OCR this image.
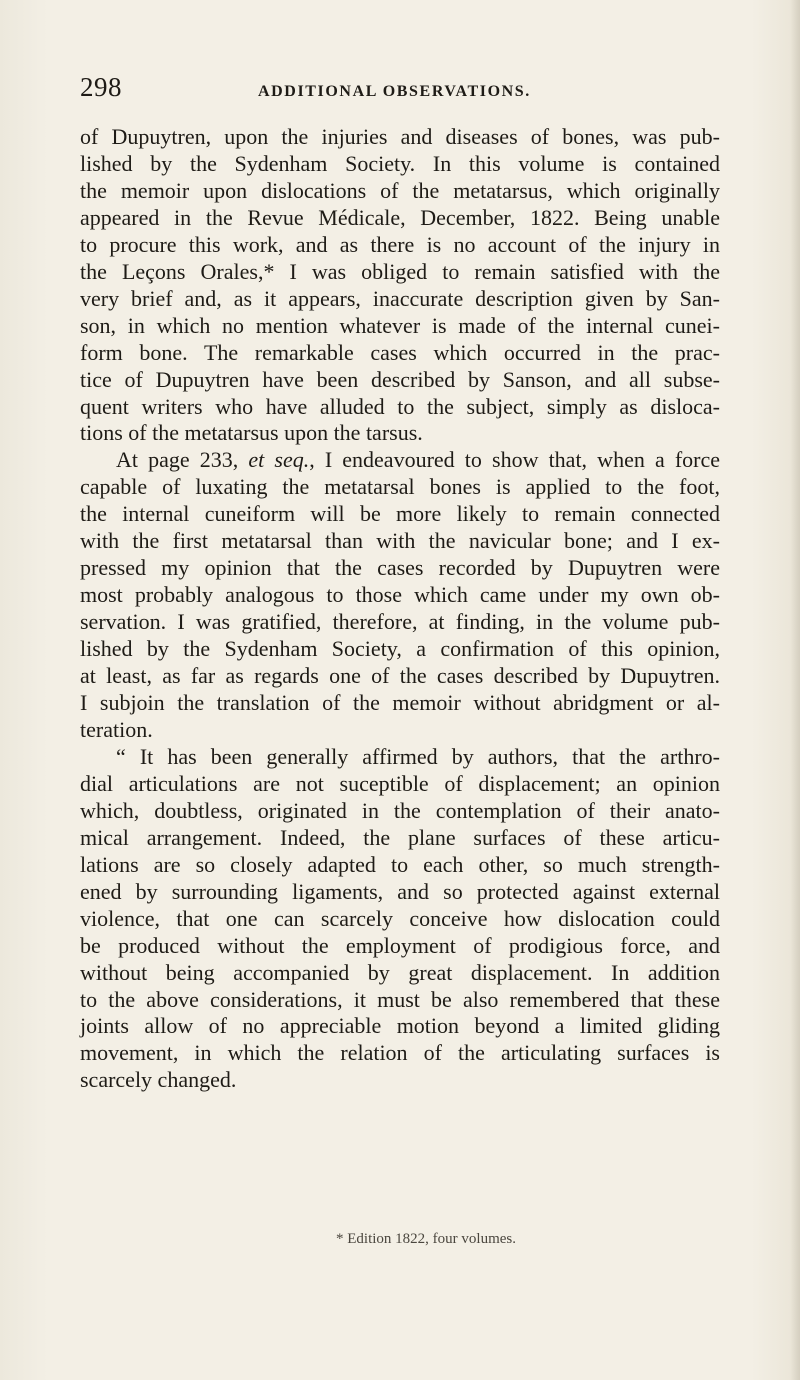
298	ADDITIONAL OBSERVATIONS.
of Dupuytren, upon the injuries and diseases of bones, was pub-
lished by the Sydenham Society. In this volume is contained
the memoir upon dislocations of the metatarsus, which originally
appeared in the Revue Médicale, December, 1822. Being unable
to procure this work, and as there is no account of the injury in
the Leçons Orales,* I was obliged to remain satisfied with the
very brief and, as it appears, inaccurate description given by San-
son, in which no mention whatever is made of the internal cunei-
form bone. The remarkable cases which occurred in the prac-
tice of Dupuytren have been described by Sanson, and all subse-
quent writers who have alluded to the subject, simply as disloca-
tions of the metatarsus upon the tarsus.
At page 233, et seq., I endeavoured to show that, when a force
capable of luxating the metatarsal bones is applied to the foot,
the internal cuneiform will be more likely to remain connected
with the first metatarsal than with the navicular bone; and I ex-
pressed my opinion that the cases recorded by Dupuytren were
most probably analogous to those which came under my own ob-
servation. I was gratified, therefore, at finding, in the volume pub-
lished by the Sydenham Society, a confirmation of this opinion,
at least, as far as regards one of the cases described by Dupuytren.
I subjoin the translation of the memoir without abridgment or al-
teration.
“ It has been generally affirmed by authors, that the arthro-
dial articulations are not suceptible of displacement; an opinion
which, doubtless, originated in the contemplation of their anato-
mical arrangement. Indeed, the plane surfaces of these articu-
lations are so closely adapted to each other, so much strength-
ened by surrounding ligaments, and so protected against external
violence, that one can scarcely conceive how dislocation could
be produced without the employment of prodigious force, and
without being accompanied by great displacement. In addition
to the above considerations, it must be also remembered that these
joints allow of no appreciable motion beyond a limited gliding
movement, in which the relation of the articulating surfaces is
scarcely changed.
* Edition 1822, four volumes.
